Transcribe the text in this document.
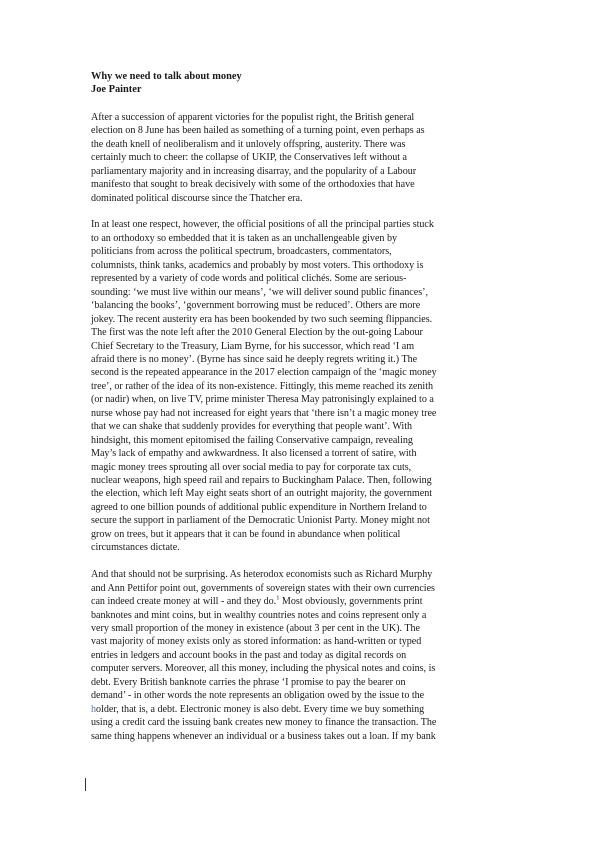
Why we need to talk about money

Joe Painter

After a succession of apparent victories for the populist right, the British general
election on 8 June has been hailed as something of a turning point, even perhaps as
the death knell of neoliberalism and it unlovely offspring, austerity. There was
certainly much to cheer: the collapse of UKIP, the Conservatives left without a
parliamentary majority and in increasing disarray, and the popularity of a Labour
manifesto that sought to break decisively with some of the orthodoxies that have
dominated political discourse since the Thatcher era.
In at least one respect, however, the official positions of all the principal parties stuck
to an orthodoxy so embedded that it is taken as an unchallengeable given by
politicians from across the political spectrum, broadcasters, commentators,
columnists, think tanks, academics and probably by most voters. This orthodoxy is
represented by a variety of code words and political clichés. Some are serious-
sounding: ‘we must live within our means’, ‘we will deliver sound public finances’,
‘balancing the books’, ‘government borrowing must be reduced’. Others are more
jokey. The recent austerity era has been bookended by two such seeming flippancies.
The first was the note left after the 2010 General Election by the out-going Labour
Chief Secretary to the Treasury, Liam Byrne, for his successor, which read ‘I am
afraid there is no money’. (Byrne has since said he deeply regrets writing it.) The
second is the repeated appearance in the 2017 election campaign of the ‘magic money
tree’, or rather of the idea of its non-existence. Fittingly, this meme reached its zenith
(or nadir) when, on live TV, prime minister Theresa May patronisingly explained to a
nurse whose pay had not increased for eight years that ‘there isn’t a magic money tree
that we can shake that suddenly provides for everything that people want’. With
hindsight, this moment epitomised the failing Conservative campaign, revealing
May’s lack of empathy and awkwardness. It also licensed a torrent of satire, with
magic money trees sprouting all over social media to pay for corporate tax cuts,
nuclear weapons, high speed rail and repairs to Buckingham Palace. Then, following
the election, which left May eight seats short of an outright majority, the government
agreed to one billion pounds of additional public expenditure in Northern Ireland to
secure the support in parliament of the Democratic Unionist Party. Money might not
grow on trees, but it appears that it can be found in abundance when political
circumstances dictate.
And that should not be surprising. As heterodox economists such as Richard Murphy
and Ann Pettifor point out, governments of sovereign states with their own currencies
can indeed create money at will - and they do.$^1$ Most obviously, governments print
banknotes and mint coins, but in wealthy countries notes and coins represent only a
very small proportion of the money in existence (about 3 per cent in the UK). The
vast majority of money exists only as stored information: as hand-written or typed
entries in ledgers and account books in the past and today as digital records on
computer servers. Moreover, all this money, including the physical notes and coins, is
debt. Every British banknote carries the phrase ‘I promise to pay the bearer on
demand’ - in other words the note represents an obligation owed by the issue to the
holder, that is, a debt. Electronic money is also debt. Every time we buy something
using a credit card the issuing bank creates new money to finance the transaction. The
same thing happens whenever an individual or a business takes out a loan. If my bank
